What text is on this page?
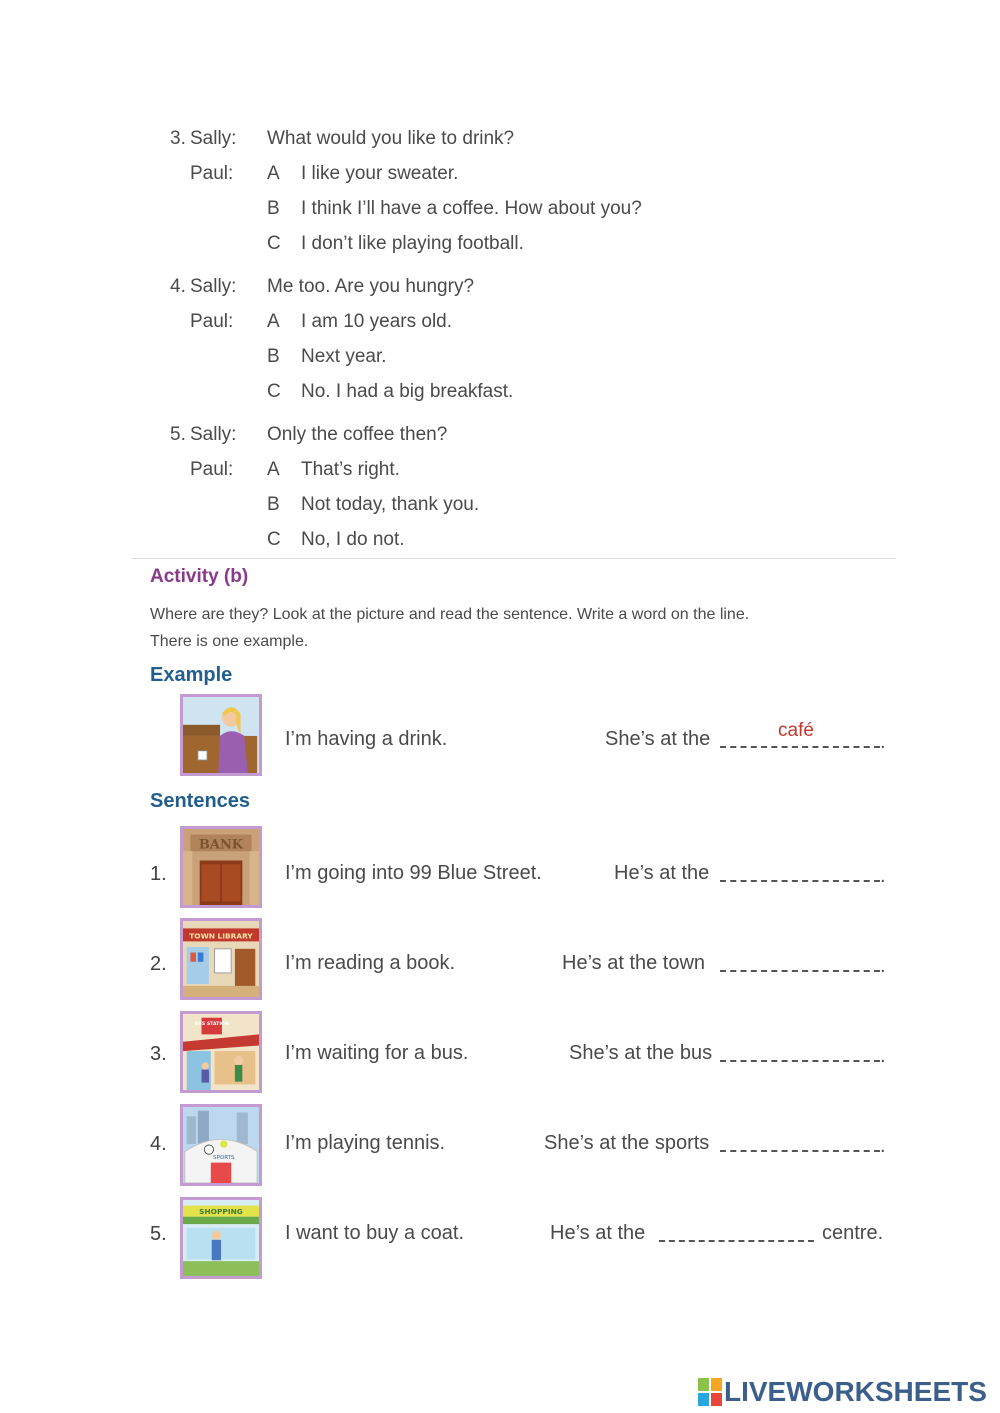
3. Sally: What would you like to drink?
Paul: A I like your sweater.
B I think I’ll have a coffee. How about you?
C I don’t like playing football.
4. Sally: Me too. Are you hungry?
Paul: A I am 10 years old.
B Next year.
C No. I had a big breakfast.
5. Sally: Only the coffee then?
Paul: A That’s right.
B Not today, thank you.
C No, I do not.
Activity (b)
Where are they? Look at the picture and read the sentence. Write a word on the line.
There is one example.
Example
I’m having a drink.	She’s at the	.
café
Sentences
1.
BANK
I’m going into 99 Blue Street.	He’s at the	.
2.
TOWN LIBRARY
I’m reading a book.	He’s at the town	.
3.
BUS STATION
I’m waiting for a bus.	She’s at the bus	.
4.
SPORTS
I’m playing tennis.	She’s at the sports	.
5.
SHOPPING
I want to buy a coat.	He’s at the	centre.
LIVEWORKSHEETS
